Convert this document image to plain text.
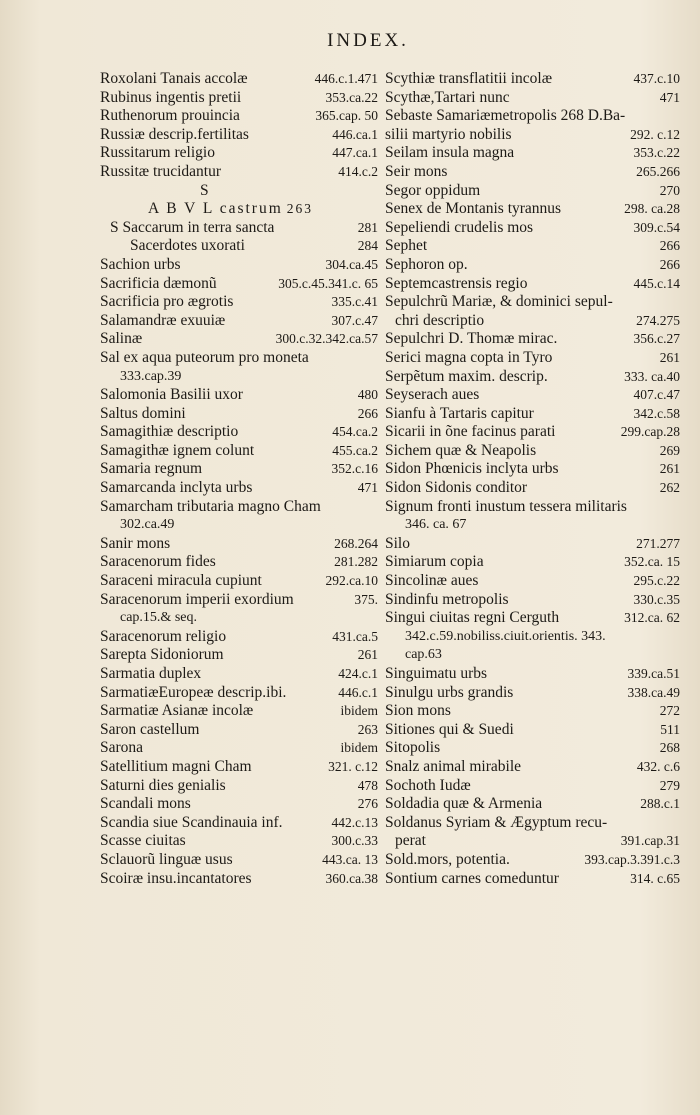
INDEX.
Roxolani Tanais accolæ	446.c.1.471
Rubinus ingentis pretii	353.ca.22
Ruthenorum prouincia	365.cap. 50
Russiæ descrip.fertilitas	446.ca.1
Russitarum religio	447.ca.1
Russitæ trucidantur	414.c.2
S
A B V L castrum 263
S Saccarum in terra sancta	281
Sacerdotes uxorati	284
Sachion urbs	304.ca.45
Sacrificia dæmonũ	305.c.45.341.c. 65
Sacrificia pro ægrotis	335.c.41
Salamandræ exuuiæ	307.c.47
Salinæ	300.c.32.342.ca.57
Sal ex aqua puteorum pro moneta
333.cap.39
Salomonia Basilii uxor	480
Saltus domini	266
Samagithiæ descriptio	454.ca.2
Samagithæ ignem colunt	455.ca.2
Samaria regnum	352.c.16
Samarcanda inclyta urbs	471
Samarcham tributaria magno Cham
302.ca.49
Sanir mons	268.264
Saracenorum fides	281.282
Saraceni miracula cupiunt	292.ca.10
Saracenorum imperii exordium	375.
cap.15.& seq.
Saracenorum religio	431.ca.5
Sarepta Sidoniorum	261
Sarmatia duplex	424.c.1
SarmatiæEuropeæ descrip.ibi.	446.c.1
Sarmatiæ Asianæ incolæ	ibidem
Saron castellum	263
Sarona	ibidem
Satellitium magni Cham	321. c.12
Saturni dies genialis	478
Scandali mons	276
Scandia siue Scandinauia inf.	442.c.13
Scasse ciuitas	300.c.33
Sclauorũ linguæ usus	443.ca. 13
Scoiræ insu.incantatores	360.ca.38
Scythiæ transflatitii incolæ	437.c.10
Scythæ,Tartari nunc	471
Sebaste Samariæmetropolis 268 D.Ba-
silii martyrio nobilis	292. c.12
Seilam insula magna	353.c.22
Seir mons	265.266
Segor oppidum	270
Senex de Montanis tyrannus	298. ca.28
Sepeliendi crudelis mos	309.c.54
Sephet	266
Sephoron op.	266
Septemcastrensis regio	445.c.14
Sepulchrũ Mariæ, & dominici sepul-
chri descriptio	274.275
Sepulchri D. Thomæ mirac.	356.c.27
Serici magna copta in Tyro	261
Serpẽtum maxim. descrip.	333. ca.40
Seyserach aues	407.c.47
Sianfu à Tartaris capitur	342.c.58
Sicarii in õne facinus parati	299.cap.28
Sichem quæ & Neapolis	269
Sidon Phœnicis inclyta urbs	261
Sidon Sidonis conditor	262
Signum fronti inustum tessera militaris
346. ca. 67
Silo	271.277
Simiarum copia	352.ca. 15
Sincolinæ aues	295.c.22
Sindinfu metropolis	330.c.35
Singui ciuitas regni Cerguth	312.ca. 62
342.c.59.nobiliss.ciuit.orientis. 343.
cap.63
Singuimatu urbs	339.ca.51
Sinulgu urbs grandis	338.ca.49
Sion mons	272
Sitiones qui & Suedi	511
Sitopolis	268
Snalz animal mirabile	432. c.6
Sochoth Iudæ	279
Soldadia quæ & Armenia	288.c.1
Soldanus Syriam & Ægyptum recu-
perat	391.cap.31
Sold.mors, potentia.	393.cap.3.391.c.3
Sontium carnes comeduntur	314. c.65
